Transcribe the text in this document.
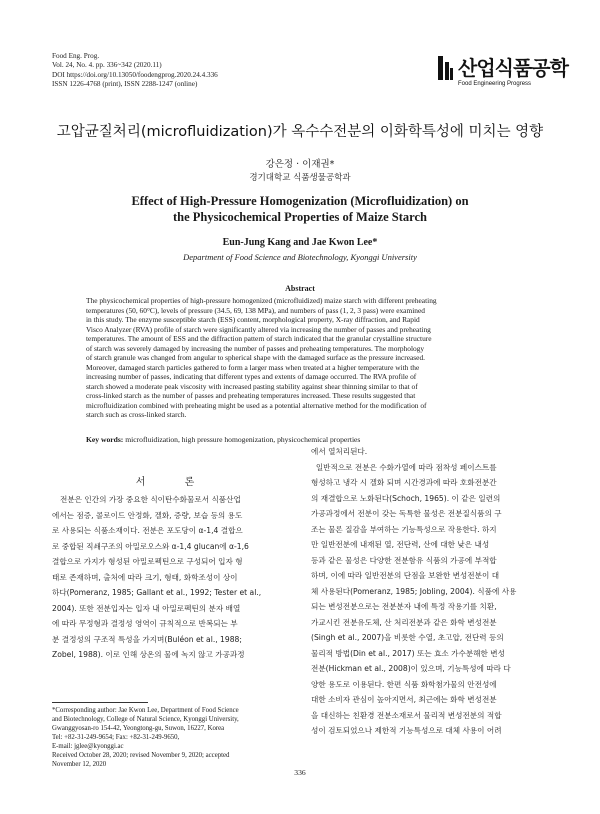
Food Eng. Prog.
Vol. 24, No. 4. pp. 336~342 (2020.11)
DOI https://doi.org/10.13050/foodengprog.2020.24.4.336
ISSN 1226-4768 (print), ISSN 2288-1247 (online)
산업식품공학
Food Engineering Progress
고압균질처리(microfluidization)가 옥수수전분의 이화학특성에 미치는 영향
강은정 · 이재권*
경기대학교 식품생물공학과
Effect of High-Pressure Homogenization (Microfluidization) on
the Physicochemical Properties of Maize Starch
Eun-Jung Kang and Jae Kwon Lee*
Department of Food Science and Biotechnology, Kyonggi University
Abstract
The physicochemical properties of high-pressure homogenized (microfluidized) maize starch with different preheating
temperatures (50, 60°C), levels of pressure (34.5, 69, 138 MPa), and numbers of pass (1, 2, 3 pass) were examined
in this study. The enzyme susceptible starch (ESS) content, morphological property, X-ray diffraction, and Rapid
Visco Analyzer (RVA) profile of starch were significantly altered via increasing the number of passes and preheating
temperatures. The amount of ESS and the diffraction pattern of starch indicated that the granular crystalline structure
of starch was severely damaged by increasing the number of passes and preheating temperatures. The morphology
of starch granule was changed from angular to spherical shape with the damaged surface as the pressure increased.
Moreover, damaged starch particles gathered to form a larger mass when treated at a higher temperature with the
increasing number of passes, indicating that different types and extents of damage occurred. The RVA profile of
starch showed a moderate peak viscosity with increased pasting stability against shear thinning similar to that of
cross-linked starch as the number of passes and preheating temperatures increased. These results suggested that
microfluidization combined with preheating might be used as a potential alternative method for the modification of
starch such as cross-linked starch.
Key words: microfluidization, high pressure homogenization, physicochemical properties
서 론
전분은 인간의 가장 중요한 식이탄수화물로서 식품산업
에서는 점증, 콜로이드 안정화, 겔화, 증량, 보습 등의 용도
로 사용되는 식품소재이다. 전분은 포도당이 α-1,4 결합으
로 중합된 직쇄구조의 아밀로오스와 α-1,4 glucan에 α-1,6
결합으로 가지가 형성된 아밀로펙틴으로 구성되어 입자 형
태로 존재하며, 출처에 따라 크기, 형태, 화학조성이 상이
하다(Pomeranz, 1985; Gallant et al., 1992; Tester et al.,
2004). 또한 전분입자는 입자 내 아밀로펙틴의 분자 배열
에 따라 무정형과 결정성 영역이 규칙적으로 반복되는 부
분 결정성의 구조적 특성을 가지며(Buléon et al., 1988;
Zobel, 1988). 이로 인해 상온의 물에 녹지 않고 가공과정
에서 열처리된다.
일반적으로 전분은 수화가열에 따라 점착성 페이스트를
형성하고 냉각 시 겔화 되며 시간경과에 따라 호화전분간
의 재결합으로 노화된다(Schoch, 1965). 이 같은 일련의
가공과정에서 전분이 갖는 독특한 물성은 전분질식품의 구
조는 물론 질감을 부여하는 기능특성으로 작용한다. 하지
만 일반전분에 내재된 열, 전단력, 산에 대한 낮은 내성
등과 같은 물성은 다양한 전분함유 식품의 가공에 부적합
하며, 이에 따라 일반전분의 단점을 보완한 변성전분이 대
체 사용된다(Pomeranz, 1985; Jobling, 2004). 식품에 사용
되는 변성전분으로는 전분분자 내에 특정 작용기를 치환,
가교시킨 전분유도체, 산 처리전분과 같은 화학 변성전분
(Singh et al., 2007)을 비롯한 수열, 초고압, 전단력 등의
물리적 방법(Din et al., 2017) 또는 효소 가수분해한 변성
전분(Hickman et al., 2008)이 있으며, 기능특성에 따라 다
양한 용도로 이용된다. 한편 식품 화학첨가물의 안전성에
대한 소비자 관심이 높아지면서, 최근에는 화학 변성전분
을 대신하는 친환경 전분소재로서 물리적 변성전분의 적합
성이 검토되었으나 제한적 기능특성으로 대체 사용이 어려
*Corresponding author: Jae Kwon Lee, Department of Food Science
and Biotechnology, College of Natural Science, Kyonggi University,
Gwanggyosan-ro 154-42, Yeongtong-gu, Suwon, 16227, Korea
Tel: +82-31-249-9654; Fax: +82-31-249-9650,
E-mail: jglee@kyonggi.ac
Received October 28, 2020; revised November 9, 2020; accepted
November 12, 2020
336
